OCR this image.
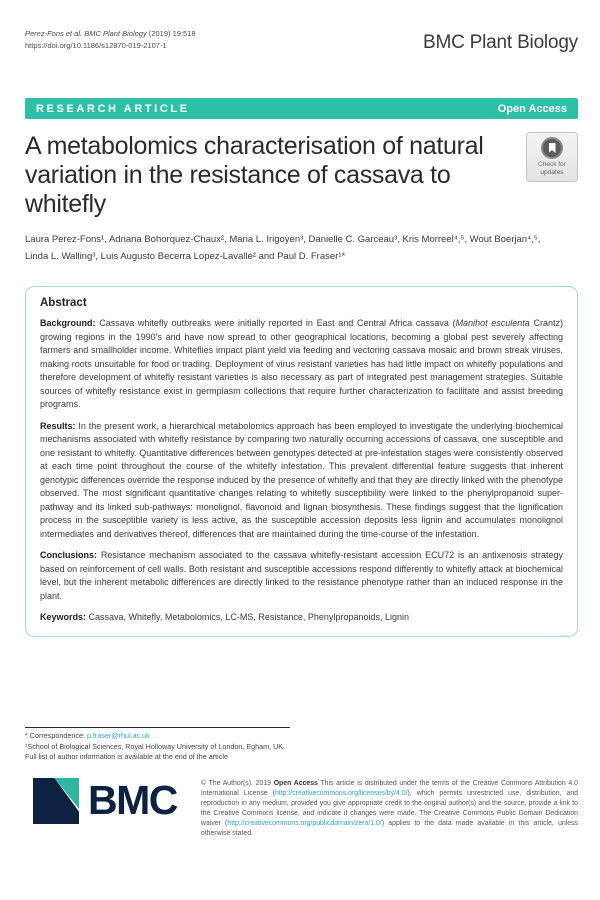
Perez-Fons et al. BMC Plant Biology (2019) 19:518
https://doi.org/10.1186/s12870-019-2107-1	BMC Plant Biology
RESEARCH ARTICLE	Open Access
A metabolomics characterisation of natural variation in the resistance of cassava to whitefly
Check for
updates

Laura Perez-Fons¹, Adriana Bohorquez-Chaux², Maria L. Irigoyen³, Danielle C. Garceau³, Kris Morreel⁴,⁵, Wout Boerjan⁴,⁵, Linda L. Walling³, Luis Augusto Becerra Lopez-Lavalle² and Paul D. Fraser¹*

Abstract

Background: Cassava whitefly outbreaks were initially reported in East and Central Africa cassava (Manihot esculenta Crantz) growing regions in the 1990's and have now spread to other geographical locations, becoming a global pest severely affecting farmers and smallholder income. Whiteflies impact plant yield via feeding and vectoring cassava mosaic and brown streak viruses, making roots unsuitable for food or trading. Deployment of virus resistant varieties has had little impact on whitefly populations and therefore development of whitefly resistant varieties is also necessary as part of integrated pest management strategies. Suitable sources of whitefly resistance exist in germplasm collections that require further characterization to facilitate and assist breeding programs.

Results: In the present work, a hierarchical metabolomics approach has been employed to investigate the underlying biochemical mechanisms associated with whitefly resistance by comparing two naturally occurring accessions of cassava, one susceptible and one resistant to whitefly. Quantitative differences between genotypes detected at pre-infestation stages were consistently observed at each time point throughout the course of the whitefly infestation. This prevalent differential feature suggests that inherent genotypic differences override the response induced by the presence of whitefly and that they are directly linked with the phenotype observed. The most significant quantitative changes relating to whitefly susceptibility were linked to the phenylpropanoid super-pathway and its linked sub-pathways: monolignol, flavonoid and lignan biosynthesis. These findings suggest that the lignification process in the susceptible variety is less active, as the susceptible accession deposits less lignin and accumulates monolignol intermediates and derivatives thereof, differences that are maintained during the time-course of the infestation.

Conclusions: Resistance mechanism associated to the cassava whitefly-resistant accession ECU72 is an antixenosis strategy based on reinforcement of cell walls. Both resistant and susceptible accessions respond differently to whitefly attack at biochemical level, but the inherent metabolic differences are directly linked to the resistance phenotype rather than an induced response in the plant.

Keywords: Cassava, Whitefly, Metabolomics, LC-MS, Resistance, Phenylpropanoids, Lignin

* Correspondence: p.fraser@rhul.ac.uk
¹School of Biological Sciences, Royal Holloway University of London, Egham, UK.
Full list of author information is available at the end of the article
BMC	© The Author(s). 2019 Open Access This article is distributed under the terms of the Creative Commons Attribution 4.0 International License (http://creativecommons.org/licenses/by/4.0/), which permits unrestricted use, distribution, and reproduction in any medium, provided you give appropriate credit to the original author(s) and the source, provide a link to the Creative Commons license, and indicate if changes were made. The Creative Commons Public Domain Dedication waiver (http://creativecommons.org/publicdomain/zero/1.0/) applies to the data made available in this article, unless otherwise stated.
